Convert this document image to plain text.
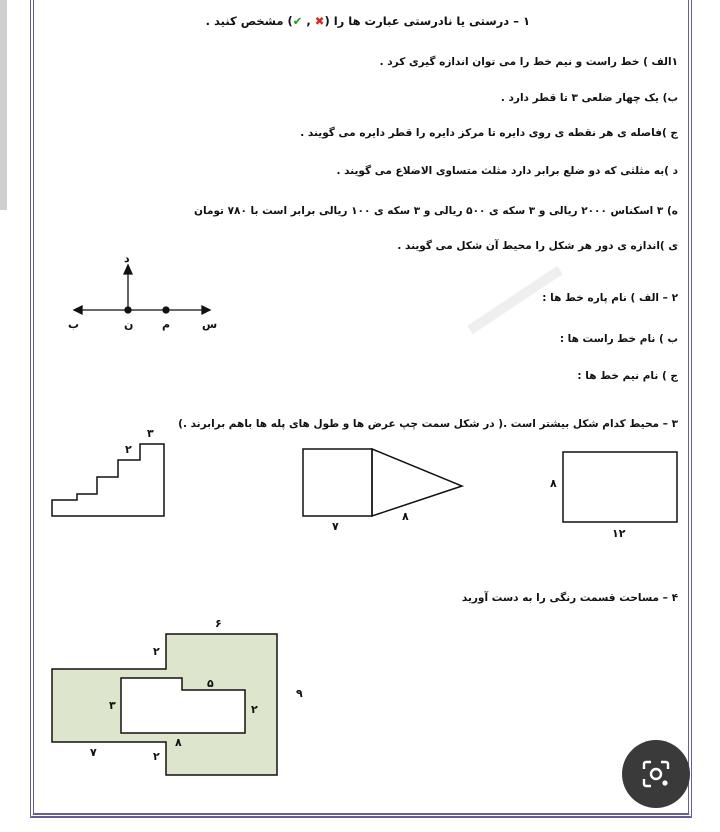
۱ – درستی یا نادرستی عبارت ها را (✖ , ✔) مشخص کنید .
۱الف ) خط راست و نیم خط را می توان اندازه گیری کرد .
ب) یک چهار ضلعی ۳ تا قطر دارد .
ج )فاصله ی هر نقطه ی روی دایره تا مرکز دایره را قطر دایره می گویند .
د )به مثلثی که دو ضلع برابر دارد مثلث متساوی الاضلاع می گویند .
ه) ۳ اسکناس ۲۰۰۰ ریالی و ۳ سکه ی ۵۰۰ ریالی و ۳ سکه ی ۱۰۰ ریالی برابر است با ۷۸۰ تومان
ی )اندازه ی دور هر شکل را محیط آن شکل می گویند .
۲ – الف ) نام پاره خط ها :
ب ) نام خط راست ها :
ج ) نام نیم خط ها :
۳ – محیط کدام شکل بیشتر است .( در شکل سمت چپ عرض ها و طول های پله ها باهم برابرند .)
۴ – مساحت قسمت رنگی را به دست آورید
د
ب	ن	م	س
۳
۲
۷
۸
۸
۱۲
۶
۲
۹
۵
۳	۲
۸
۲
۷
